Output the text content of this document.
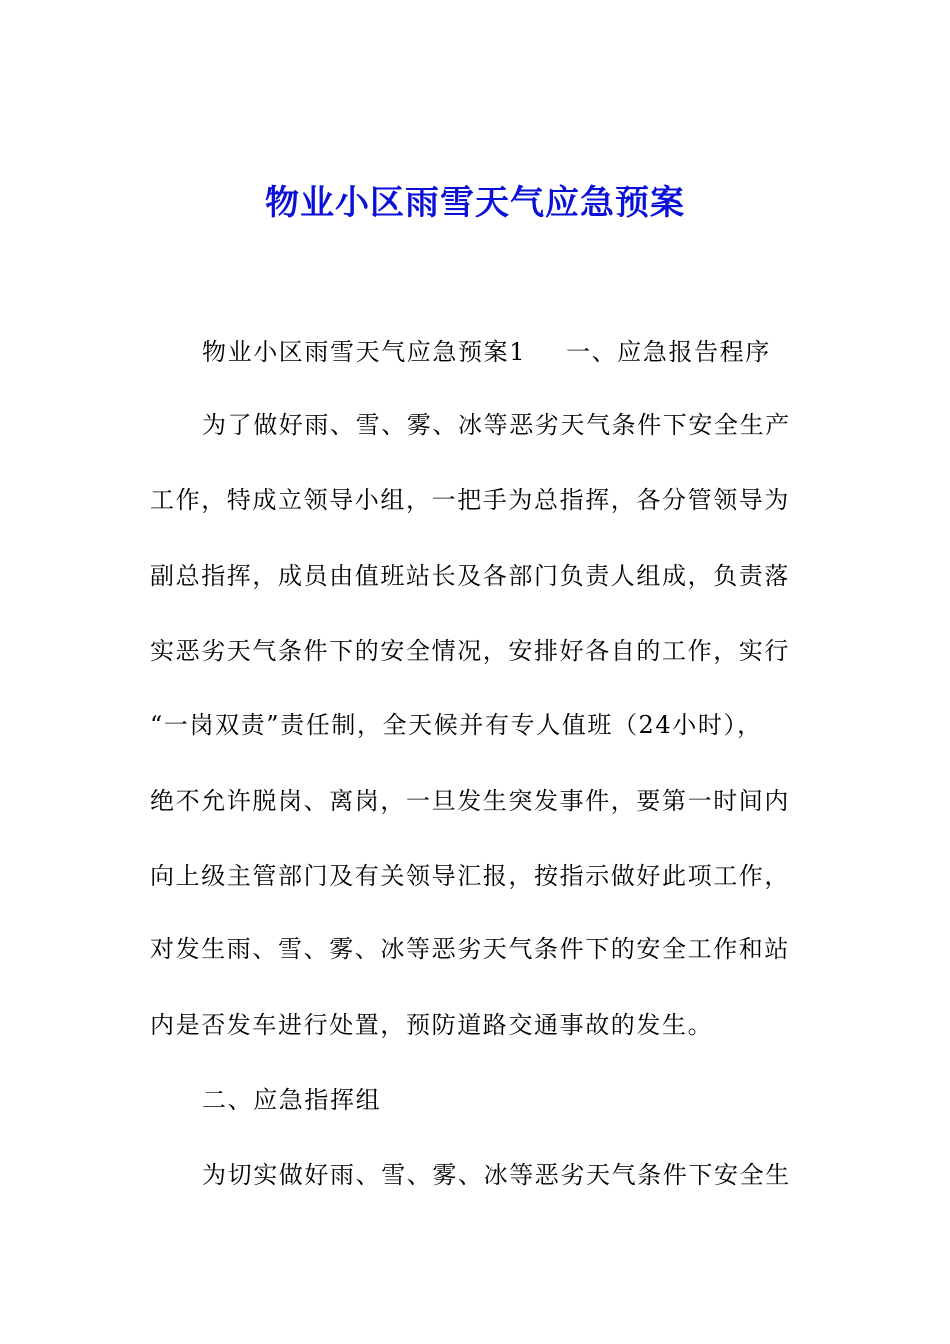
物业小区雨雪天气应急预案
物业小区雨雪天气应急预案1 一、应急报告程序
为了做好雨、雪、雾、冰等恶劣天气条件下安全生产
工作，特成立领导小组，一把手为总指挥，各分管领导为
副总指挥，成员由值班站长及各部门负责人组成，负责落
实恶劣天气条件下的安全情况，安排好各自的工作，实行
“一岗双责”责任制，全天候并有专人值班（24小时），
绝不允许脱岗、离岗，一旦发生突发事件，要第一时间内
向上级主管部门及有关领导汇报，按指示做好此项工作，
对发生雨、雪、雾、冰等恶劣天气条件下的安全工作和站
内是否发车进行处置，预防道路交通事故的发生。
二、应急指挥组
为切实做好雨、雪、雾、冰等恶劣天气条件下安全生
